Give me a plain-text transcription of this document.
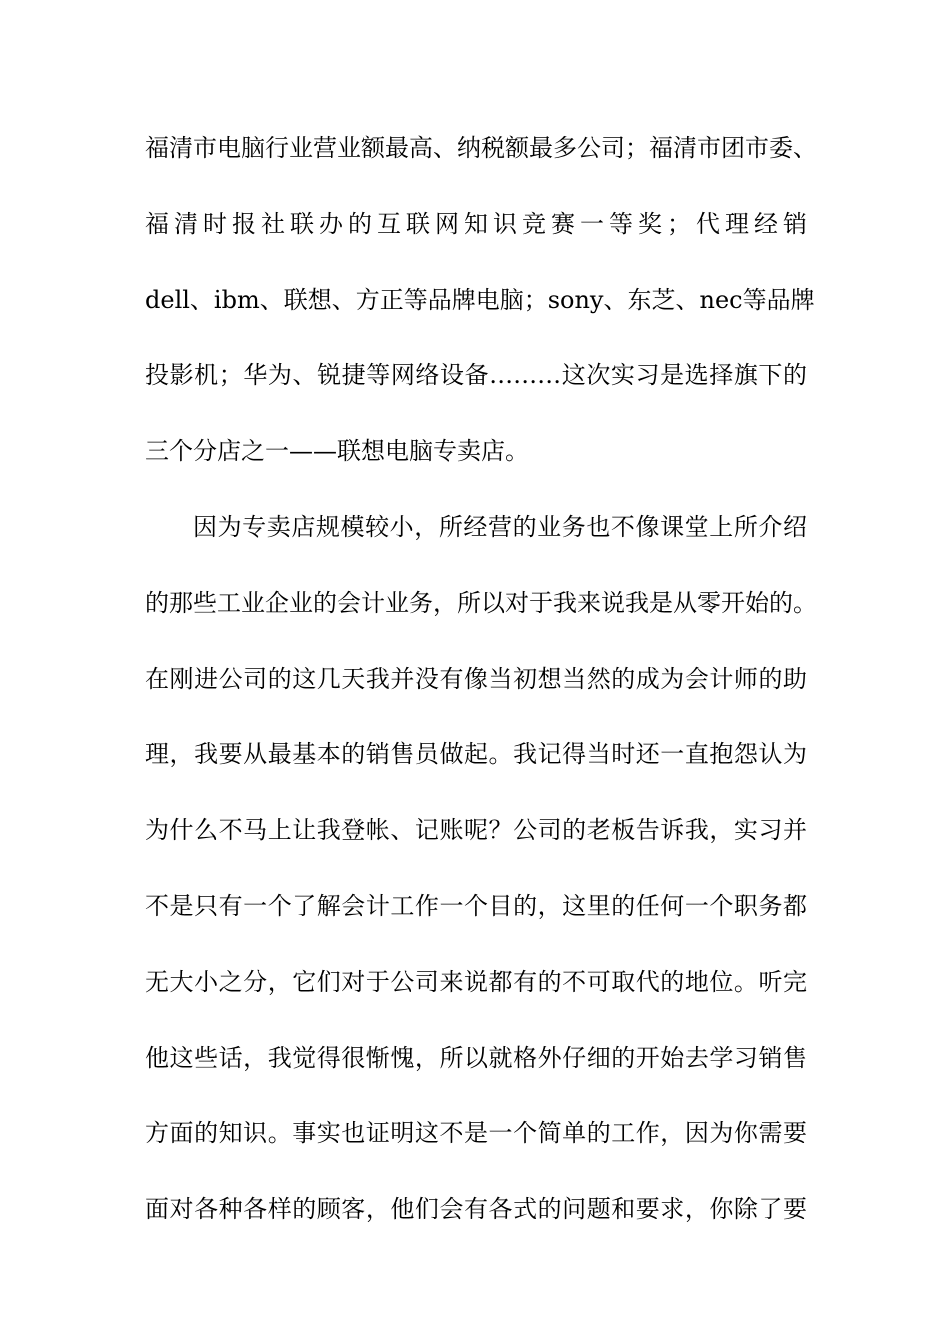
福清市电脑行业营业额最高、纳税额最多公司；福清市团市委、
福清时报社联办的互联网知识竞赛一等奖；代理经销
dell、ibm、联想、方正等品牌电脑；sony、东芝、nec等品牌
投影机；华为、锐捷等网络设备………这次实习是选择旗下的
三个分店之一——联想电脑专卖店。
因为专卖店规模较小，所经营的业务也不像课堂上所介绍
的那些工业企业的会计业务，所以对于我来说我是从零开始的。
在刚进公司的这几天我并没有像当初想当然的成为会计师的助
理，我要从最基本的销售员做起。我记得当时还一直抱怨认为
为什么不马上让我登帐、记账呢？公司的老板告诉我，实习并
不是只有一个了解会计工作一个目的，这里的任何一个职务都
无大小之分，它们对于公司来说都有的不可取代的地位。听完
他这些话，我觉得很惭愧，所以就格外仔细的开始去学习销售
方面的知识。事实也证明这不是一个简单的工作，因为你需要
面对各种各样的顾客，他们会有各式的问题和要求，你除了要
